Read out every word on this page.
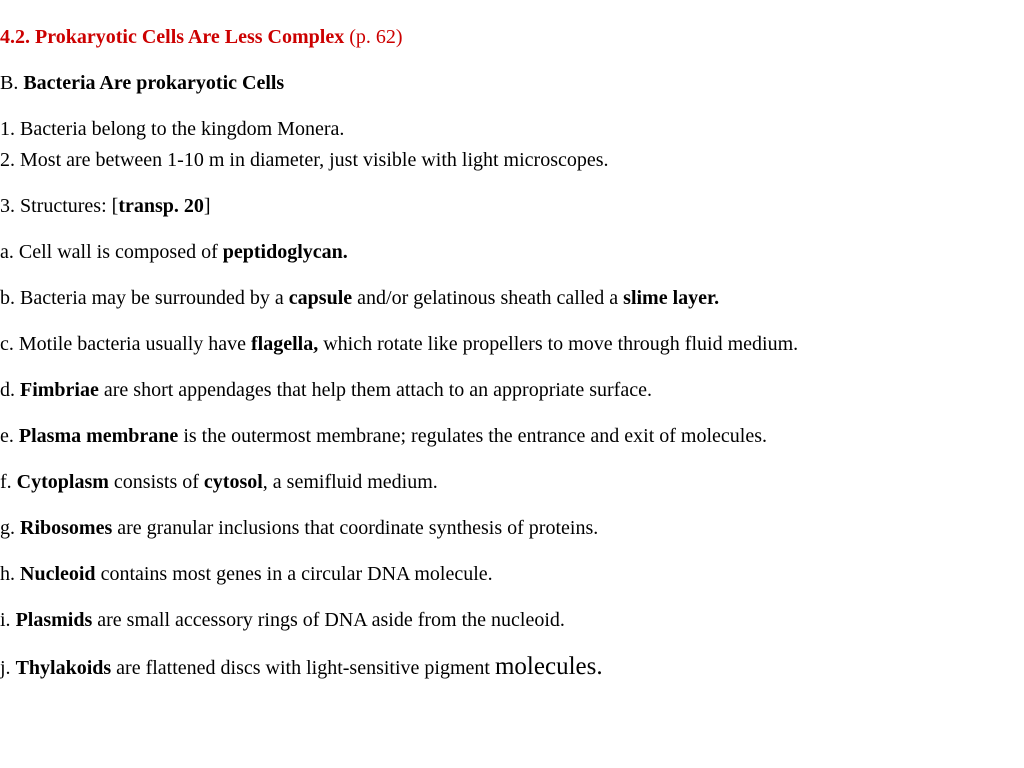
4.2. Prokaryotic Cells Are Less Complex (p. 62)

B. Bacteria Are prokaryotic Cells

1. Bacteria belong to the kingdom Monera.

2. Most are between 1-10 m in diameter, just visible with light microscopes.

3. Structures: [transp. 20]

a. Cell wall is composed of peptidoglycan.

b. Bacteria may be surrounded by a capsule and/or gelatinous sheath called a slime layer.

c. Motile bacteria usually have flagella, which rotate like propellers to move through fluid medium.

d. Fimbriae are short appendages that help them attach to an appropriate surface.

e. Plasma membrane is the outermost membrane; regulates the entrance and exit of molecules.

f. Cytoplasm consists of cytosol, a semifluid medium.

g. Ribosomes are granular inclusions that coordinate synthesis of proteins.

h. Nucleoid contains most genes in a circular DNA molecule.

i. Plasmids are small accessory rings of DNA aside from the nucleoid.

j. Thylakoids are flattened discs with light-sensitive pigment molecules.
